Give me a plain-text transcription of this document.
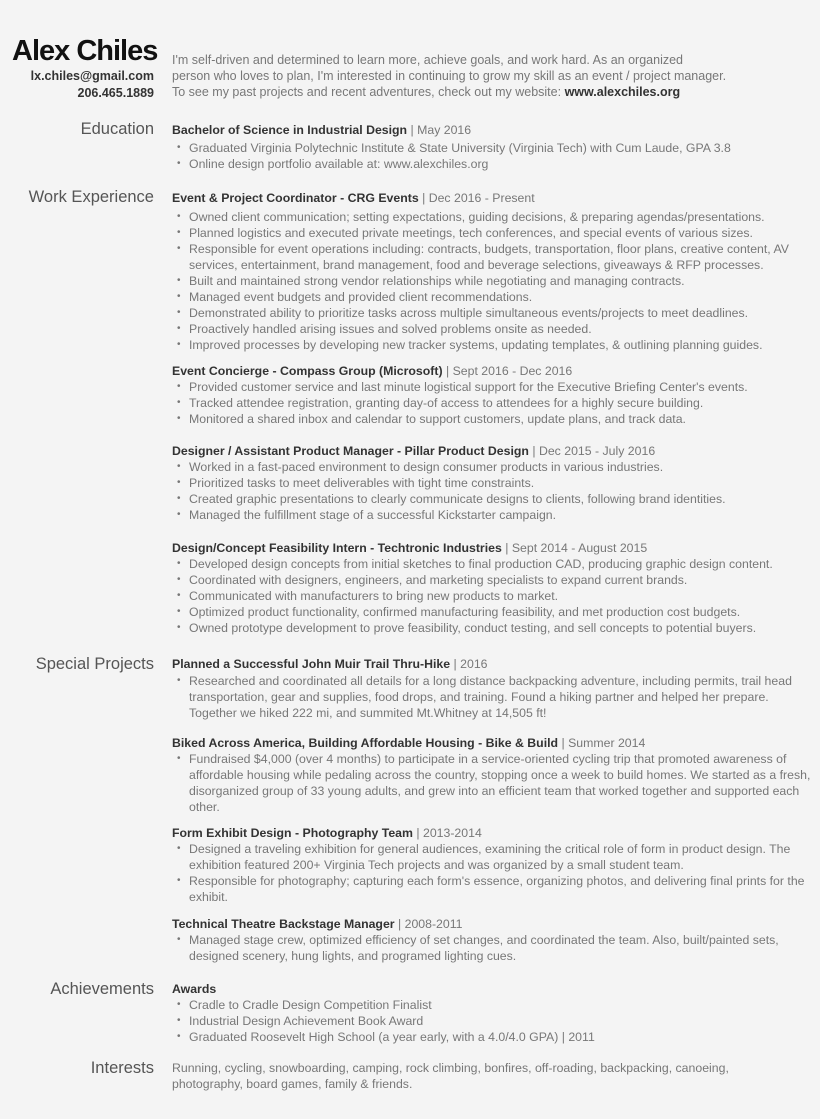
Alex Chiles
lx.chiles@gmail.com
206.465.1889
I'm self-driven and determined to learn more, achieve goals, and work hard. As an organized
person who loves to plan, I'm interested in continuing to grow my skill as an event / project manager.
To see my past projects and recent adventures, check out my website: www.alexchiles.org
Education Bachelor of Science in Industrial Design | May 2016
• Graduated Virginia Polytechnic Institute & State University (Virginia Tech) with Cum Laude, GPA 3.8
• Online design portfolio available at: www.alexchiles.org
Work Experience Event & Project Coordinator - CRG Events | Dec 2016 - Present
• Owned client communication; setting expectations, guiding decisions, & preparing agendas/presentations.
• Planned logistics and executed private meetings, tech conferences, and special events of various sizes.
• Responsible for event operations including: contracts, budgets, transportation, floor plans, creative content, AV services, entertainment, brand management, food and beverage selections, giveaways & RFP processes.
• Built and maintained strong vendor relationships while negotiating and managing contracts.
• Managed event budgets and provided client recommendations.
• Demonstrated ability to prioritize tasks across multiple simultaneous events/projects to meet deadlines.
• Proactively handled arising issues and solved problems onsite as needed.
• Improved processes by developing new tracker systems, updating templates, & outlining planning guides.
Event Concierge - Compass Group (Microsoft) | Sept 2016 - Dec 2016
• Provided customer service and last minute logistical support for the Executive Briefing Center's events.
• Tracked attendee registration, granting day-of access to attendees for a highly secure building.
• Monitored a shared inbox and calendar to support customers, update plans, and track data.
Designer / Assistant Product Manager - Pillar Product Design | Dec 2015 - July 2016
• Worked in a fast-paced environment to design consumer products in various industries.
• Prioritized tasks to meet deliverables with tight time constraints.
• Created graphic presentations to clearly communicate designs to clients, following brand identities.
• Managed the fulfillment stage of a successful Kickstarter campaign.
Design/Concept Feasibility Intern - Techtronic Industries | Sept 2014 - August 2015
• Developed design concepts from initial sketches to final production CAD, producing graphic design content.
• Coordinated with designers, engineers, and marketing specialists to expand current brands.
• Communicated with manufacturers to bring new products to market.
• Optimized product functionality, confirmed manufacturing feasibility, and met production cost budgets.
• Owned prototype development to prove feasibility, conduct testing, and sell concepts to potential buyers.
Special Projects Planned a Successful John Muir Trail Thru-Hike | 2016
• Researched and coordinated all details for a long distance backpacking adventure, including permits, trail head transportation, gear and supplies, food drops, and training. Found a hiking partner and helped her prepare. Together we hiked 222 mi, and summited Mt.Whitney at 14,505 ft!
Biked Across America, Building Affordable Housing - Bike & Build | Summer 2014
• Fundraised $4,000 (over 4 months) to participate in a service-oriented cycling trip that promoted awareness of affordable housing while pedaling across the country, stopping once a week to build homes. We started as a fresh, disorganized group of 33 young adults, and grew into an efficient team that worked together and supported each other.
Form Exhibit Design - Photography Team | 2013-2014
• Designed a traveling exhibition for general audiences, examining the critical role of form in product design. The exhibition featured 200+ Virginia Tech projects and was organized by a small student team.
• Responsible for photography; capturing each form's essence, organizing photos, and delivering final prints for the exhibit.
Technical Theatre Backstage Manager | 2008-2011
• Managed stage crew, optimized efficiency of set changes, and coordinated the team. Also, built/painted sets, designed scenery, hung lights, and programed lighting cues.
Achievements Awards
• Cradle to Cradle Design Competition Finalist
• Industrial Design Achievement Book Award
• Graduated Roosevelt High School (a year early, with a 4.0/4.0 GPA) | 2011
Interests Running, cycling, snowboarding, camping, rock climbing, bonfires, off-roading, backpacking, canoeing, photography, board games, family & friends.
